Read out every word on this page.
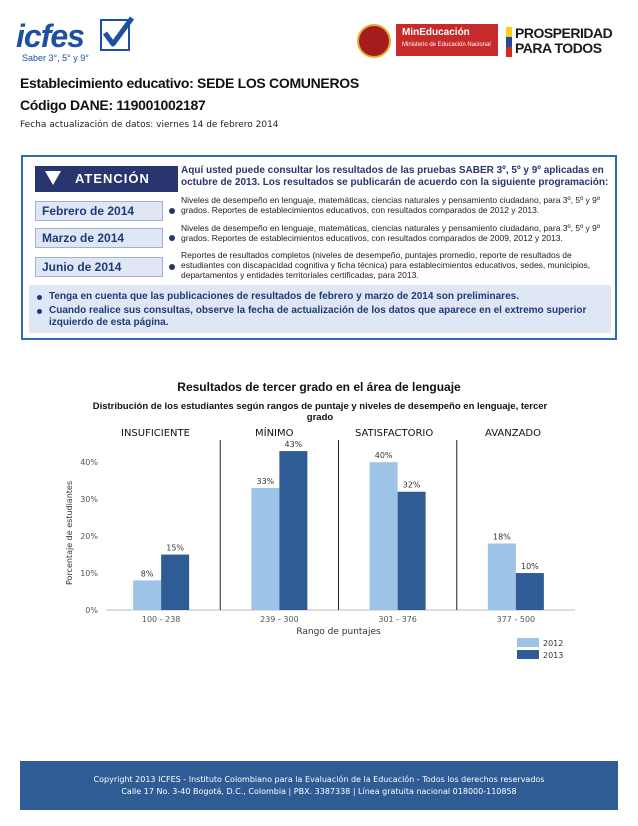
icfes
Saber 3°, 5° y 9°
MinEducación
Ministerio de Educación Nacional
PROSPERIDAD
PARA TODOS
Establecimiento educativo: SEDE LOS COMUNEROS
Código DANE: 119001002187
Fecha actualización de datos: viernes 14 de febrero 2014
ATENCIÓN
Aquí usted puede consultar los resultados de las pruebas SABER 3º, 5º y 9º aplicadas en octubre de 2013. Los resultados se publicarán de acuerdo con la siguiente programación:
Febrero de 2014
Niveles de desempeño en lenguaje, matemáticas, ciencias naturales y pensamiento ciudadano, para 3º, 5º y 9º grados. Reportes de establecimientos educativos, con resultados comparados de 2012 y 2013.
Marzo de 2014
Niveles de desempeño en lenguaje, matemáticas, ciencias naturales y pensamiento ciudadano, para 3º, 5º y 9º grados. Reportes de establecimientos educativos, con resultados comparados de 2009, 2012 y 2013.
Junio de 2014
Reportes de resultados completos (niveles de desempeño, puntajes promedio, reporte de resultados de estudiantes con discapacidad cognitiva y ficha técnica) para establecimientos educativos, sedes, municipios, departamentos y entidades territoriales certificadas, para 2013.
Tenga en cuenta que las publicaciones de resultados de febrero y marzo de 2014 son preliminares.
Cuando realice sus consultas, observe la fecha de actualización de los datos que aparece en el extremo superior izquierdo de esta página.
Resultados de tercer grado en el área de lenguaje
Distribución de los estudiantes según rangos de puntaje y niveles de desempeño en lenguaje, tercer grado
INSUFICIENTE	MÍNIMO	SATISFACTORIO	AVANZADO
0%
10%
20%
30%
40%
Porcentaje de estudiantes	8%
15%
100 - 238
33%
43%
239 - 300
40%
32%
301 - 376
18%
10%
377 - 500
Rango de puntajes
2012
2013
Copyright 2013 ICFES - Instituto Colombiano para la Evaluación de la Educación - Todos los derechos reservados
Calle 17 No. 3-40 Bogotá, D.C., Colombia | PBX. 3387338 | Línea gratuita nacional 018000-110858
